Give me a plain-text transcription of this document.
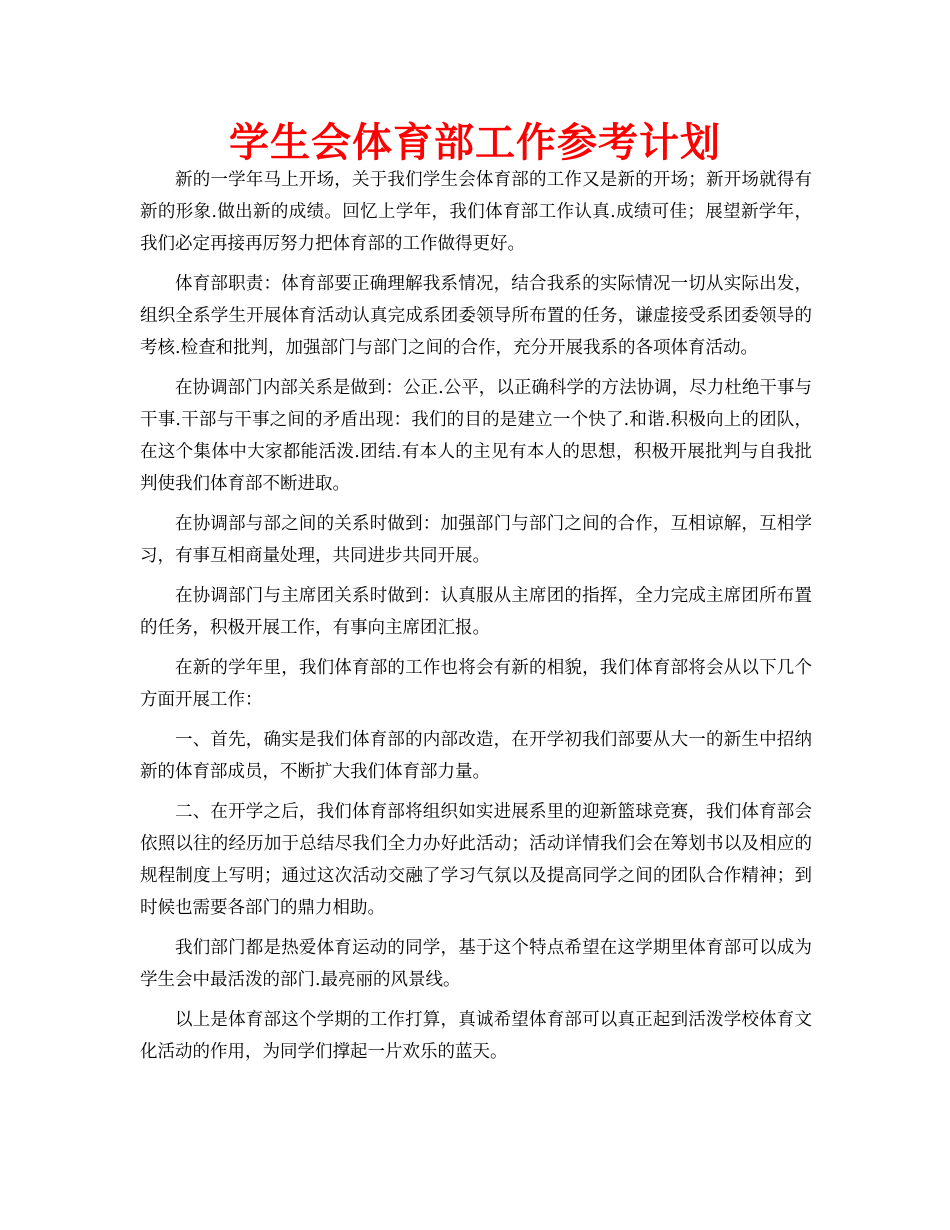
学生会体育部工作参考计划

新的一学年马上开场，关于我们学生会体育部的工作又是新的开场；新开场就得有新的形象.做出新的成绩。回忆上学年，我们体育部工作认真.成绩可佳；展望新学年，我们必定再接再厉努力把体育部的工作做得更好。

体育部职责：体育部要正确理解我系情况，结合我系的实际情况一切从实际出发，组织全系学生开展体育活动认真完成系团委领导所布置的任务，谦虚接受系团委领导的考核.检查和批判，加强部门与部门之间的合作，充分开展我系的各项体育活动。

在协调部门内部关系是做到：公正.公平，以正确科学的方法协调，尽力杜绝干事与干事.干部与干事之间的矛盾出现：我们的目的是建立一个快了.和谐.积极向上的团队，在这个集体中大家都能活泼.团结.有本人的主见有本人的思想，积极开展批判与自我批判使我们体育部不断进取。

在协调部与部之间的关系时做到：加强部门与部门之间的合作，互相谅解，互相学习，有事互相商量处理，共同进步共同开展。

在协调部门与主席团关系时做到：认真服从主席团的指挥，全力完成主席团所布置的任务，积极开展工作，有事向主席团汇报。

在新的学年里，我们体育部的工作也将会有新的相貌，我们体育部将会从以下几个方面开展工作：

一、首先，确实是我们体育部的内部改造，在开学初我们部要从大一的新生中招纳新的体育部成员，不断扩大我们体育部力量。

二、在开学之后，我们体育部将组织如实进展系里的迎新篮球竞赛，我们体育部会依照以往的经历加于总结尽我们全力办好此活动；活动详情我们会在筹划书以及相应的规程制度上写明；通过这次活动交融了学习气氛以及提高同学之间的团队合作精神；到时候也需要各部门的鼎力相助。

我们部门都是热爱体育运动的同学，基于这个特点希望在这学期里体育部可以成为学生会中最活泼的部门.最亮丽的风景线。

以上是体育部这个学期的工作打算，真诚希望体育部可以真正起到活泼学校体育文化活动的作用，为同学们撑起一片欢乐的蓝天。
